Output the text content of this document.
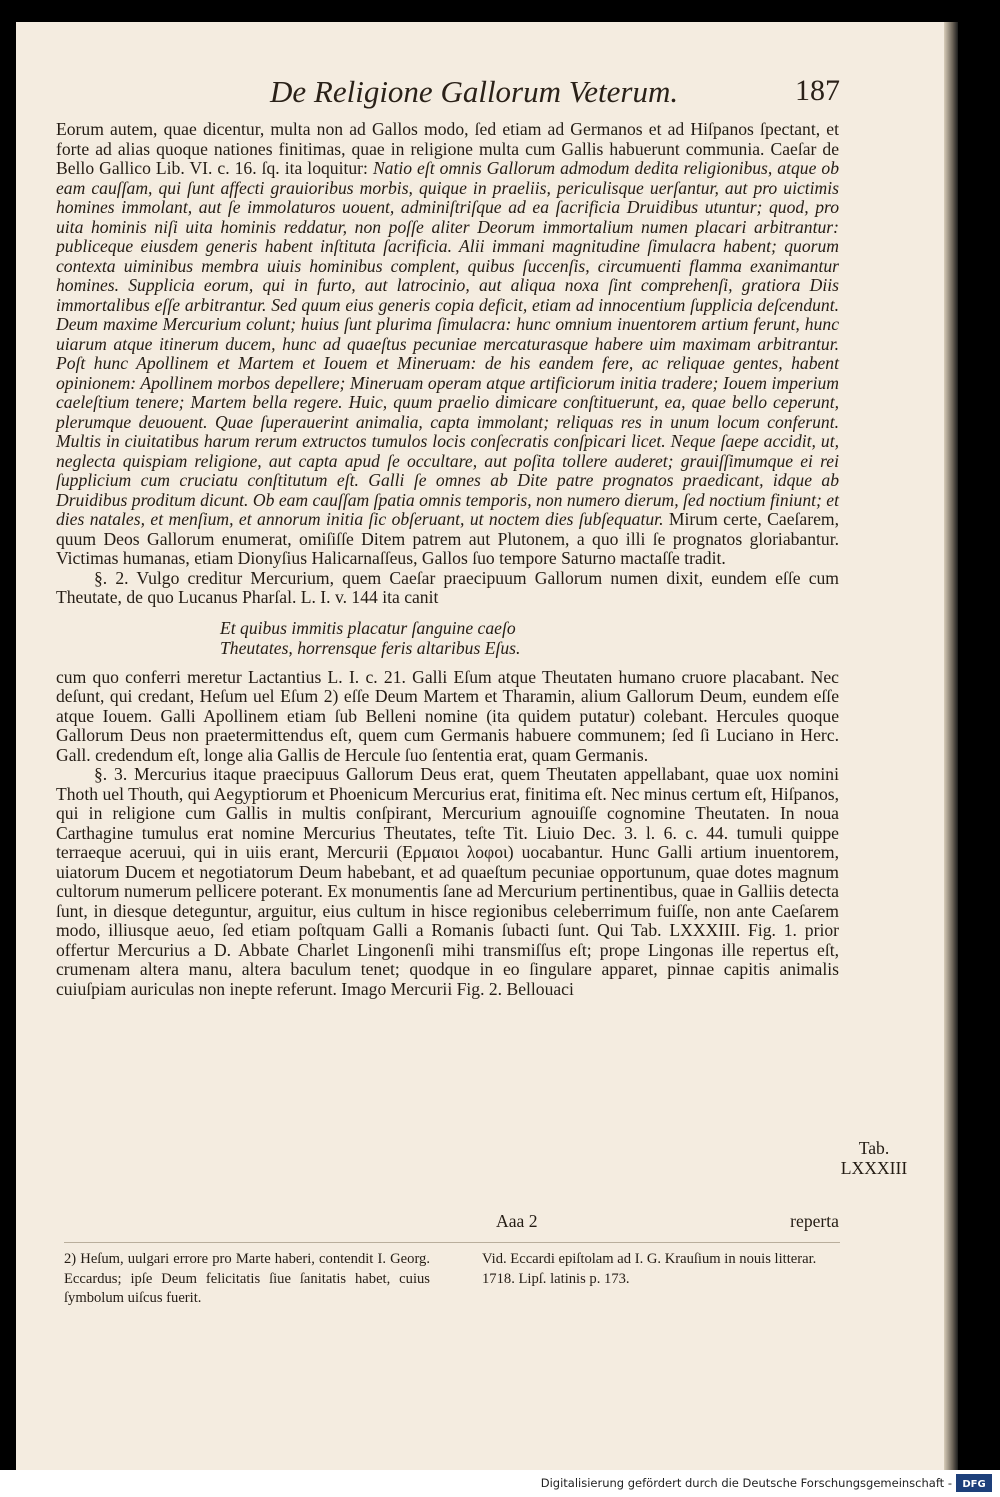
De Religione Gallorum Veterum.	187

Eorum autem, quae dicentur, multa non ad Gallos modo, ſed etiam ad Germanos et ad Hiſpanos ſpectant, et forte ad alias quoque nationes finitimas, quae in religione multa cum Gallis habuerunt communia. Caeſar de Bello Gallico Lib. VI. c. 16. ſq. ita loquitur: Natio eſt omnis Gallorum admodum dedita religionibus, atque ob eam cauſſam, qui ſunt affecti grauioribus morbis, quique in praeliis, periculisque uerſantur, aut pro uictimis homines immolant, aut ſe immolaturos uouent, adminiſtriſque ad ea ſacrificia Druidibus utuntur; quod, pro uita hominis niſi uita hominis reddatur, non poſſe aliter Deorum immortalium numen placari arbitrantur: publiceque eiusdem generis habent inſtituta ſacrificia. Alii immani magnitudine ſimulacra habent; quorum contexta uiminibus membra uiuis hominibus complent, quibus ſuccenſis, circumuenti flamma exanimantur homines. Supplicia eorum, qui in furto, aut latrocinio, aut aliqua noxa ſint comprehenſi, gratiora Diis immortalibus eſſe arbitrantur. Sed quum eius generis copia deficit, etiam ad innocentium ſupplicia deſcendunt. Deum maxime Mercurium colunt; huius ſunt plurima ſimulacra: hunc omnium inuentorem artium ferunt, hunc uiarum atque itinerum ducem, hunc ad quaeſtus pecuniae mercaturasque habere uim maximam arbitrantur. Poſt hunc Apollinem et Martem et Iouem et Mineruam: de his eandem fere, ac reliquae gentes, habent opinionem: Apollinem morbos depellere; Mineruam operam atque artificiorum initia tradere; Iouem imperium caeleſtium tenere; Martem bella regere. Huic, quum praelio dimicare conſtituerunt, ea, quae bello ceperunt, plerumque deuouent. Quae ſuperauerint animalia, capta immolant; reliquas res in unum locum conferunt. Multis in ciuitatibus harum rerum extructos tumulos locis conſecratis conſpicari licet. Neque ſaepe accidit, ut, neglecta quispiam religione, aut capta apud ſe occultare, aut poſita tollere auderet; grauiſſimumque ei rei ſupplicium cum cruciatu conſtitutum eſt. Galli ſe omnes ab Dite patre prognatos praedicant, idque ab Druidibus proditum dicunt. Ob eam cauſſam ſpatia omnis temporis, non numero dierum, ſed noctium finiunt; et dies natales, et menſium, et annorum initia ſic obſeruant, ut noctem dies ſubſequatur. Mirum certe, Caeſarem, quum Deos Gallorum enumerat, omiſiſſe Ditem patrem aut Plutonem, a quo illi ſe prognatos gloriabantur. Victimas humanas, etiam Dionyſius Halicarnaſſeus, Gallos ſuo tempore Saturno mactaſſe tradit.

§. 2. Vulgo creditur Mercurium, quem Caeſar praecipuum Gallorum numen dixit, eundem eſſe cum Theutate, de quo Lucanus Pharſal. L. I. v. 144 ita canit

Et quibus immitis placatur ſanguine caeſo
Theutates, horrensque feris altaribus Eſus.

cum quo conferri meretur Lactantius L. I. c. 21. Galli Eſum atque Theutaten humano cruore placabant. Nec deſunt, qui credant, Heſum uel Eſum 2) eſſe Deum Martem et Tharamin, alium Gallorum Deum, eundem eſſe atque Iouem. Galli Apollinem etiam ſub Belleni nomine (ita quidem putatur) colebant. Hercules quoque Gallorum Deus non praetermittendus eſt, quem cum Germanis habuere communem; ſed ſi Luciano in Herc. Gall. credendum eſt, longe alia Gallis de Hercule ſuo ſententia erat, quam Germanis.

§. 3. Mercurius itaque praecipuus Gallorum Deus erat, quem Theutaten appellabant, quae uox nomini Thoth uel Thouth, qui Aegyptiorum et Phoenicum Mercurius erat, finitima eſt. Nec minus certum eſt, Hiſpanos, qui in religione cum Gallis in multis conſpirant, Mercurium agnouiſſe cognomine Theutaten. In noua Carthagine tumulus erat nomine Mercurius Theutates, teſte Tit. Liuio Dec. 3. l. 6. c. 44. tumuli quippe terraeque aceruui, qui in uiis erant, Mercurii (Ερμαιοι λοφοι) uocabantur. Hunc Galli artium inuentorem, uiatorum Ducem et negotiatorum Deum habebant, et ad quaeſtum pecuniae opportunum, quae dotes magnum cultorum numerum pellicere poterant. Ex monumentis ſane ad Mercurium pertinentibus, quae in Galliis detecta ſunt, in diesque deteguntur, arguitur, eius cultum in hisce regionibus celeberrimum fuiſſe, non ante Caeſarem modo, illiusque aeuo, ſed etiam poſtquam Galli a Romanis ſubacti ſunt. Qui Tab. LXXXIII. Fig. 1. prior offertur Mercurius a D. Abbate Charlet Lingonenſi mihi transmiſſus eſt; prope Lingonas ille repertus eſt, crumenam altera manu, altera baculum tenet; quodque in eo ſingulare apparet, pinnae capitis animalis cuiuſpiam auriculas non inepte referunt. Imago Mercurii Fig. 2. Bellouaci

Tab.
LXXXIII
Aaa 2	reperta
2) Heſum, uulgari errore pro Marte haberi, contendit I. Georg. Eccardus; ipſe Deum felicitatis ſiue ſanitatis habet, cuius ſymbolum uiſcus fuerit.
Vid. Eccardi epiſtolam ad I. G. Krauſium in nouis litterar. 1718. Lipſ. latinis p. 173.
Digitalisierung gefördert durch die Deutsche Forschungsgemeinschaft - DFG
